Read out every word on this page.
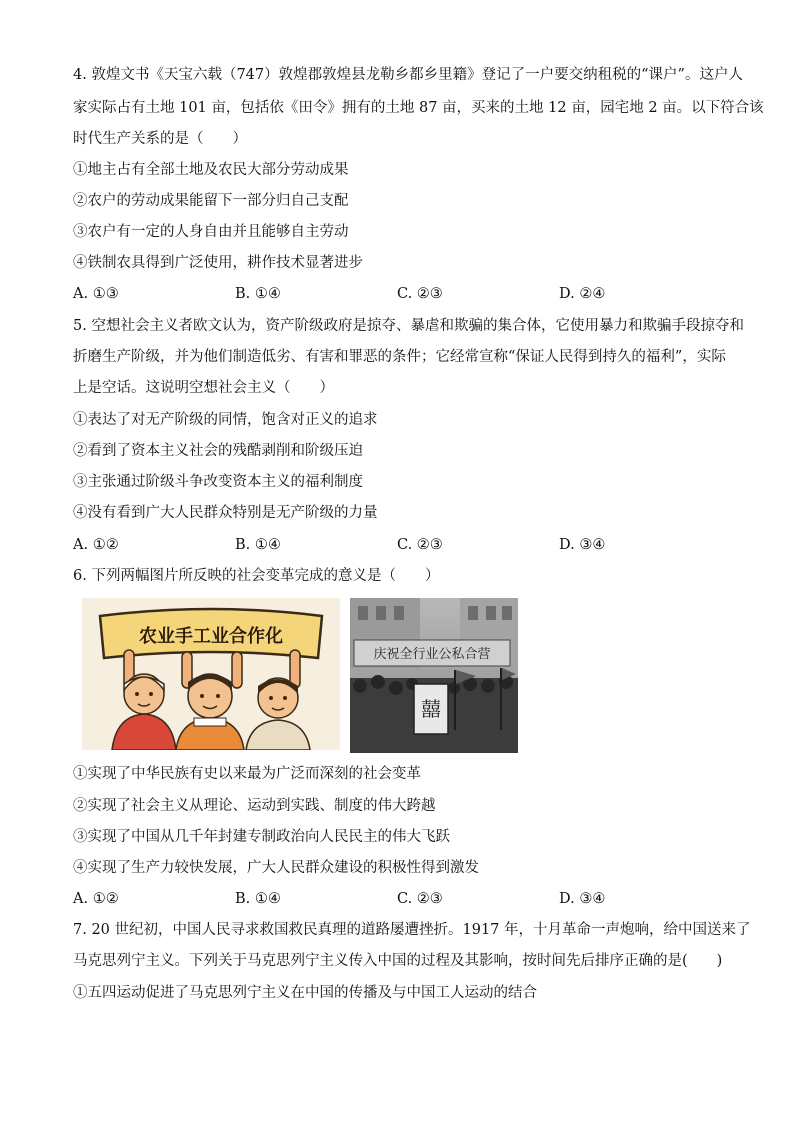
4. 敦煌文书《天宝六载（747）敦煌郡敦煌县龙勒乡都乡里籍》登记了一户要交纳租税的“课户”。这户人
家实际占有土地 101 亩，包括依《田令》拥有的土地 87 亩，买来的土地 12 亩，园宅地 2 亩。以下符合该
时代生产关系的是（　　）
①地主占有全部土地及农民大部分劳动成果
②农户的劳动成果能留下一部分归自己支配
③农户有一定的人身自由并且能够自主劳动
④铁制农具得到广泛使用，耕作技术显著进步
A. ①③	B. ①④	C. ②③	D. ②④
5. 空想社会主义者欧文认为，资产阶级政府是掠夺、暴虐和欺骗的集合体，它使用暴力和欺骗手段掠夺和
折磨生产阶级，并为他们制造低劣、有害和罪恶的条件；它经常宣称“保证人民得到持久的福利”，实际
上是空话。这说明空想社会主义（　　）
①表达了对无产阶级的同情，饱含对正义的追求
②看到了资本主义社会的残酷剥削和阶级压迫
③主张通过阶级斗争改变资本主义的福利制度
④没有看到广大人民群众特别是无产阶级的力量
A. ①②	B. ①④	C. ②③	D. ③④
6. 下列两幅图片所反映的社会变革完成的意义是（　　）
农业手工业合作化
庆祝全行业公私合营
囍
①实现了中华民族有史以来最为广泛而深刻的社会变革
②实现了社会主义从理论、运动到实践、制度的伟大跨越
③实现了中国从几千年封建专制政治向人民民主的伟大飞跃
④实现了生产力较快发展，广大人民群众建设的积极性得到激发
A. ①②	B. ①④	C. ②③	D. ③④
7. 20 世纪初，中国人民寻求救国救民真理的道路屡遭挫折。1917 年，十月革命一声炮响，给中国送来了
马克思列宁主义。下列关于马克思列宁主义传入中国的过程及其影响，按时间先后排序正确的是(　　)
①五四运动促进了马克思列宁主义在中国的传播及与中国工人运动的结合
